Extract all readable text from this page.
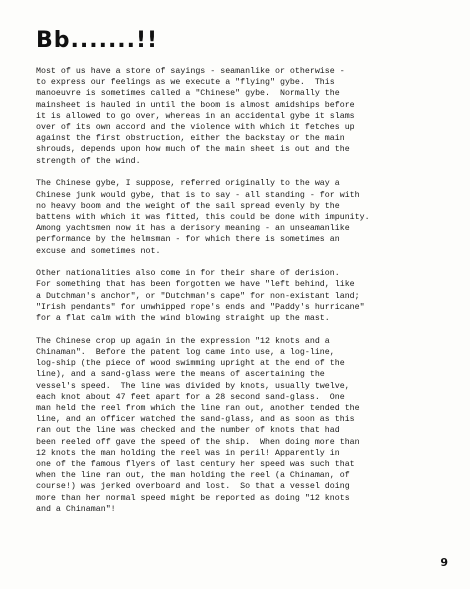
Bb.......!!

Most of us have a store of sayings - seamanlike or otherwise -
to express our feelings as we execute a "flying" gybe.  This
manoeuvre is sometimes called a "Chinese" gybe.  Normally the
mainsheet is hauled in until the boom is almost amidships before
it is allowed to go over, whereas in an accidental gybe it slams
over of its own accord and the violence with which it fetches up
against the first obstruction, either the backstay or the main
shrouds, depends upon how much of the main sheet is out and the
strength of the wind.

The Chinese gybe, I suppose, referred originally to the way a
Chinese junk would gybe, that is to say - all standing - for with
no heavy boom and the weight of the sail spread evenly by the
battens with which it was fitted, this could be done with impunity.
Among yachtsmen now it has a derisory meaning - an unseamanlike
performance by the helmsman - for which there is sometimes an
excuse and sometimes not.

Other nationalities also come in for their share of derision.
For something that has been forgotten we have "left behind, like
a Dutchman's anchor", or "Dutchman's cape" for non-existant land;
"Irish pendants" for unwhipped rope's ends and "Paddy's hurricane"
for a flat calm with the wind blowing straight up the mast.

The Chinese crop up again in the expression "12 knots and a
Chinaman".  Before the patent log came into use, a log-line,
log-ship (the piece of wood swimming upright at the end of the
line), and a sand-glass were the means of ascertaining the
vessel's speed.  The line was divided by knots, usually twelve,
each knot about 47 feet apart for a 28 second sand-glass.  One
man held the reel from which the line ran out, another tended the
line, and an officer watched the sand-glass, and as soon as this
ran out the line was checked and the number of knots that had
been reeled off gave the speed of the ship.  When doing more than
12 knots the man holding the reel was in peril! Apparently in
one of the famous flyers of last century her speed was such that
when the line ran out, the man holding the reel (a Chinaman, of
course!) was jerked overboard and lost.  So that a vessel doing
more than her normal speed might be reported as doing "12 knots
and a Chinaman"!

9
